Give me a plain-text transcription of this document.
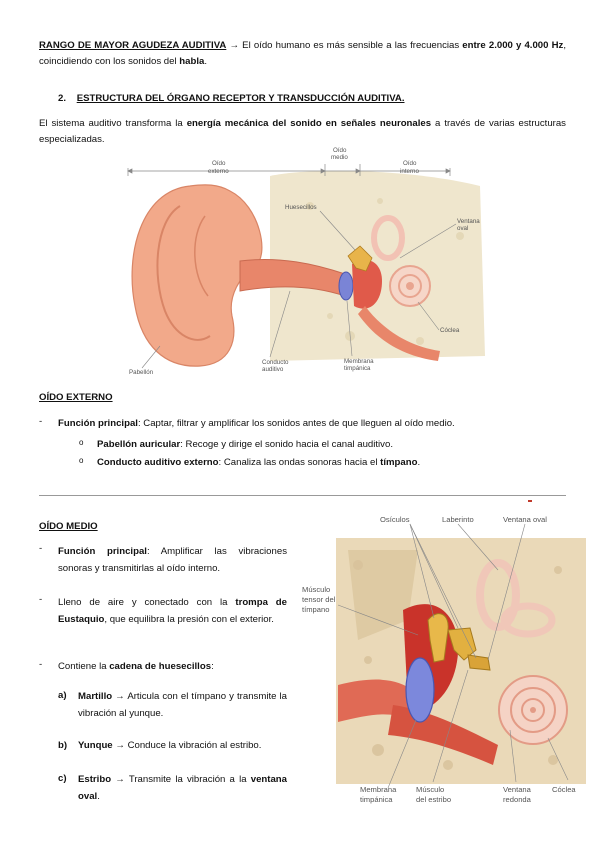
RANGO DE MAYOR AGUDEZA AUDITIVA → El oído humano es más sensible a las frecuencias entre 2.000 y 4.000 Hz, coincidiendo con los sonidos del habla.
2. ESTRUCTURA DEL ÓRGANO RECEPTOR Y TRANSDUCCIÓN AUDITIVA.
El sistema auditivo transforma la energía mecánica del sonido en señales neuronales a través de varias estructuras especializadas.
Oído
externo
Oído
medio
Oído
interno
Huesecillos
Ventana
oval
Cóclea
Pabellón
Conducto
auditivo
Membrana
timpánica
OÍDO EXTERNO
- Función principal: Captar, filtrar y amplificar los sonidos antes de que lleguen al oído medio.
o Pabellón auricular: Recoge y dirige el sonido hacia el canal auditivo.
o Conducto auditivo externo: Canaliza las ondas sonoras hacia el tímpano.
OÍDO MEDIO
- Función principal: Amplificar las vibraciones sonoras y transmitirlas al oído interno.
- Lleno de aire y conectado con la trompa de Eustaquio, que equilibra la presión con el exterior.
- Contiene la cadena de huesecillos:
a) Martillo → Articula con el tímpano y transmite la vibración al yunque.
b) Yunque → Conduce la vibración al estribo.
c) Estribo → Transmite la vibración a la ventana oval.
Osículos	Laberinto	Ventana oval
Músculo
tensor del
tímpano
Membrana
timpánica
Músculo
del estribo
Ventana
redonda
Cóclea
